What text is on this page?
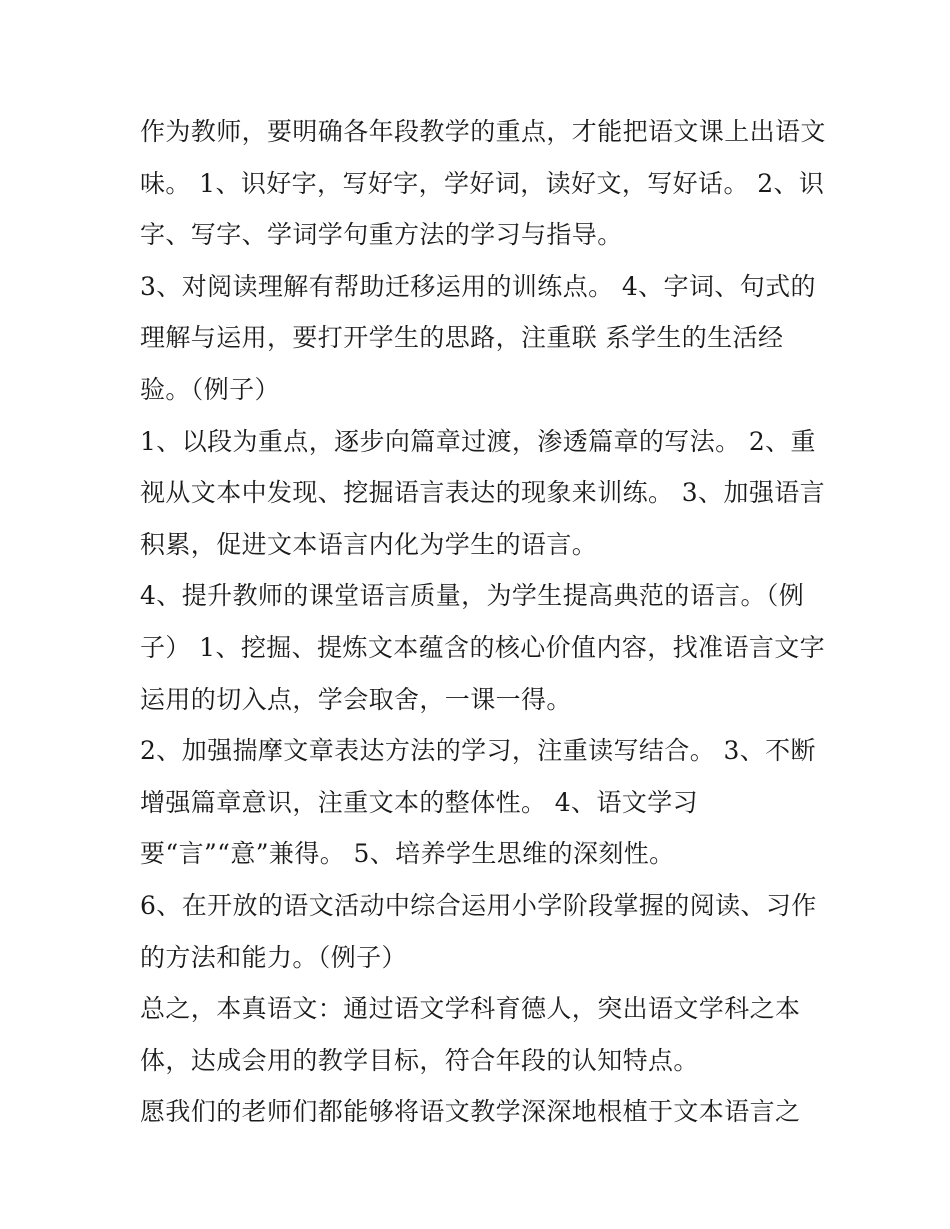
作为教师，要明确各年段教学的重点，才能把语文课上出语文
味。 1、识好字，写好字，学好词，读好文，写好话。 2、识
字、写字、学词学句重方法的学习与指导。
3、对阅读理解有帮助迁移运用的训练点。 4、字词、句式的
理解与运用，要打开学生的思路，注重联 系学生的生活经
验。（例子）
1、以段为重点，逐步向篇章过渡，渗透篇章的写法。 2、重
视从文本中发现、挖掘语言表达的现象来训练。 3、加强语言
积累，促进文本语言内化为学生的语言。
4、提升教师的课堂语言质量，为学生提高典范的语言。（例
子） 1、挖掘、提炼文本蕴含的核心价值内容，找准语言文字
运用的切入点，学会取舍，一课一得。
2、加强揣摩文章表达方法的学习，注重读写结合。 3、不断
增强篇章意识，注重文本的整体性。 4、语文学习
要“言”“意”兼得。 5、培养学生思维的深刻性。
6、在开放的语文活动中综合运用小学阶段掌握的阅读、习作
的方法和能力。（例子）
总之，本真语文：通过语文学科育德人，突出语文学科之本
体，达成会用的教学目标，符合年段的认知特点。
愿我们的老师们都能够将语文教学深深地根植于文本语言之
